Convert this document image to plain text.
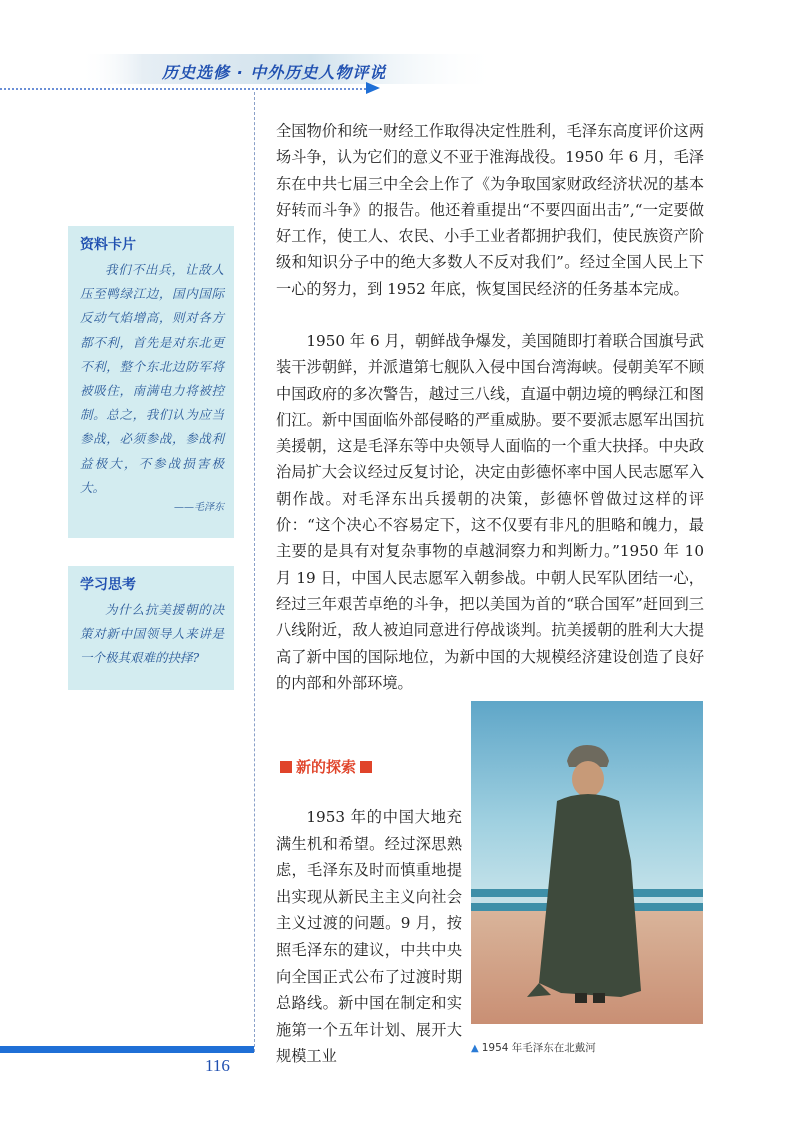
历史选修 · 中外历史人物评说
资料卡片
我们不出兵，让敌人压至鸭绿江边，国内国际反动气焰增高，则对各方都不利，首先是对东北更不利，整个东北边防军将被吸住，南满电力将被控制。总之，我们认为应当参战，必须参战，参战利益极大，不参战损害极大。
——毛泽东
学习思考
为什么抗美援朝的决策对新中国领导人来讲是一个极其艰难的抉择?

全国物价和统一财经工作取得决定性胜利，毛泽东高度评价这两场斗争，认为它们的意义不亚于淮海战役。1950 年 6 月，毛泽东在中共七届三中全会上作了《为争取国家财政经济状况的基本好转而斗争》的报告。他还着重提出“不要四面出击”,“一定要做好工作，使工人、农民、小手工业者都拥护我们，使民族资产阶级和知识分子中的绝大多数人不反对我们”。经过全国人民上下一心的努力，到 1952 年底，恢复国民经济的任务基本完成。

1950 年 6 月，朝鲜战争爆发，美国随即打着联合国旗号武装干涉朝鲜，并派遣第七舰队入侵中国台湾海峡。侵朝美军不顾中国政府的多次警告，越过三八线，直逼中朝边境的鸭绿江和图们江。新中国面临外部侵略的严重威胁。要不要派志愿军出国抗美援朝，这是毛泽东等中央领导人面临的一个重大抉择。中央政治局扩大会议经过反复讨论，决定由彭德怀率中国人民志愿军入朝作战。对毛泽东出兵援朝的决策，彭德怀曾做过这样的评价：“这个决心不容易定下，这不仅要有非凡的胆略和魄力，最主要的是具有对复杂事物的卓越洞察力和判断力。”1950 年 10 月 19 日，中国人民志愿军入朝参战。中朝人民军队团结一心，经过三年艰苦卓绝的斗争，把以美国为首的“联合国军”赶回到三八线附近，敌人被迫同意进行停战谈判。抗美援朝的胜利大大提高了新中国的国际地位，为新中国的大规模经济建设创造了良好的内部和外部环境。

新的探索

1953 年的中国大地充满生机和希望。经过深思熟虑，毛泽东及时而慎重地提出实现从新民主主义向社会主义过渡的问题。9 月，按照毛泽东的建议，中共中央向全国正式公布了过渡时期总路线。新中国在制定和实施第一个五年计划、展开大规模工业	▲ 1954 年毛泽东在北戴河
116
